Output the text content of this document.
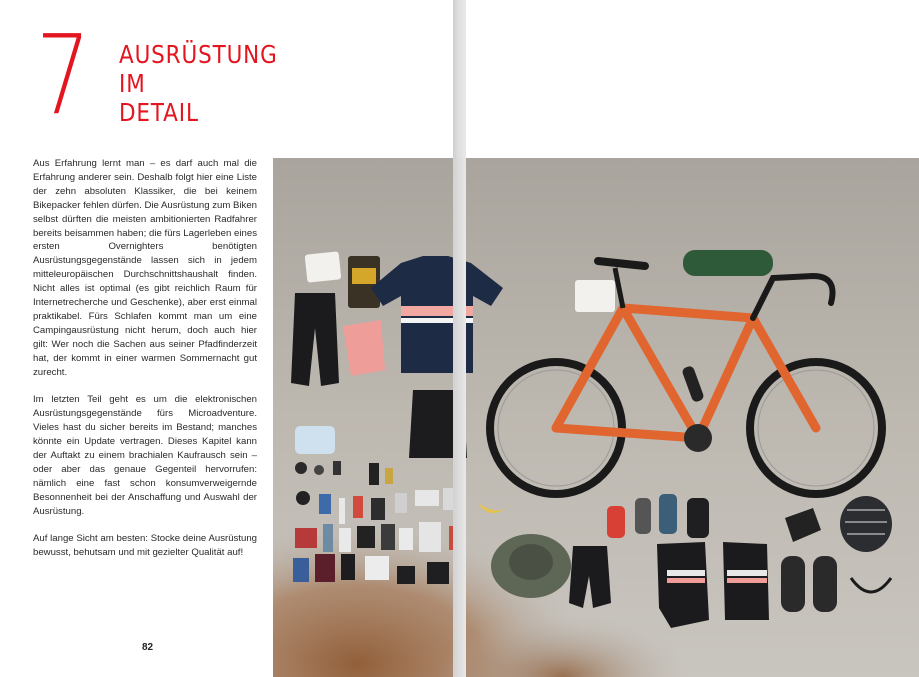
7 AUSRÜSTUNG
IM
DETAIL

Aus Erfahrung lernt man – es darf auch mal die Erfahrung anderer sein. Deshalb folgt hier eine Liste der zehn absoluten Klassiker, die bei keinem Bikepacker fehlen dürfen. Die Ausrüstung zum Biken selbst dürften die meisten ambitionierten Radfahrer bereits beisammen haben; die fürs Lagerleben eines ersten Overnighters benötigten Ausrüstungsgegenstände lassen sich in jedem mitteleuropäischen Durchschnittshaushalt finden. Nicht alles ist optimal (es gibt reichlich Raum für Internetrecherche und Geschenke), aber erst einmal praktikabel. Fürs Schlafen kommt man um eine Campingausrüstung nicht herum, doch auch hier gilt: Wer noch die Sachen aus seiner Pfadfinderzeit hat, der kommt in einer warmen Sommernacht gut zurecht.

Im letzten Teil geht es um die elektronischen Ausrüstungsgegenstände fürs Microadventure. Vieles hast du sicher bereits im Bestand; manches könnte ein Update vertragen. Dieses Kapitel kann der Auftakt zu einem brachialen Kaufrausch sein – oder aber das genaue Gegenteil hervorrufen: nämlich eine fast schon konsumverweigernde Besonnenheit bei der Anschaffung und Auswahl der Ausrüstung.

Auf lange Sicht am besten: Stocke deine Ausrüstung bewusst, behutsam und mit gezielter Qualität auf!

82
